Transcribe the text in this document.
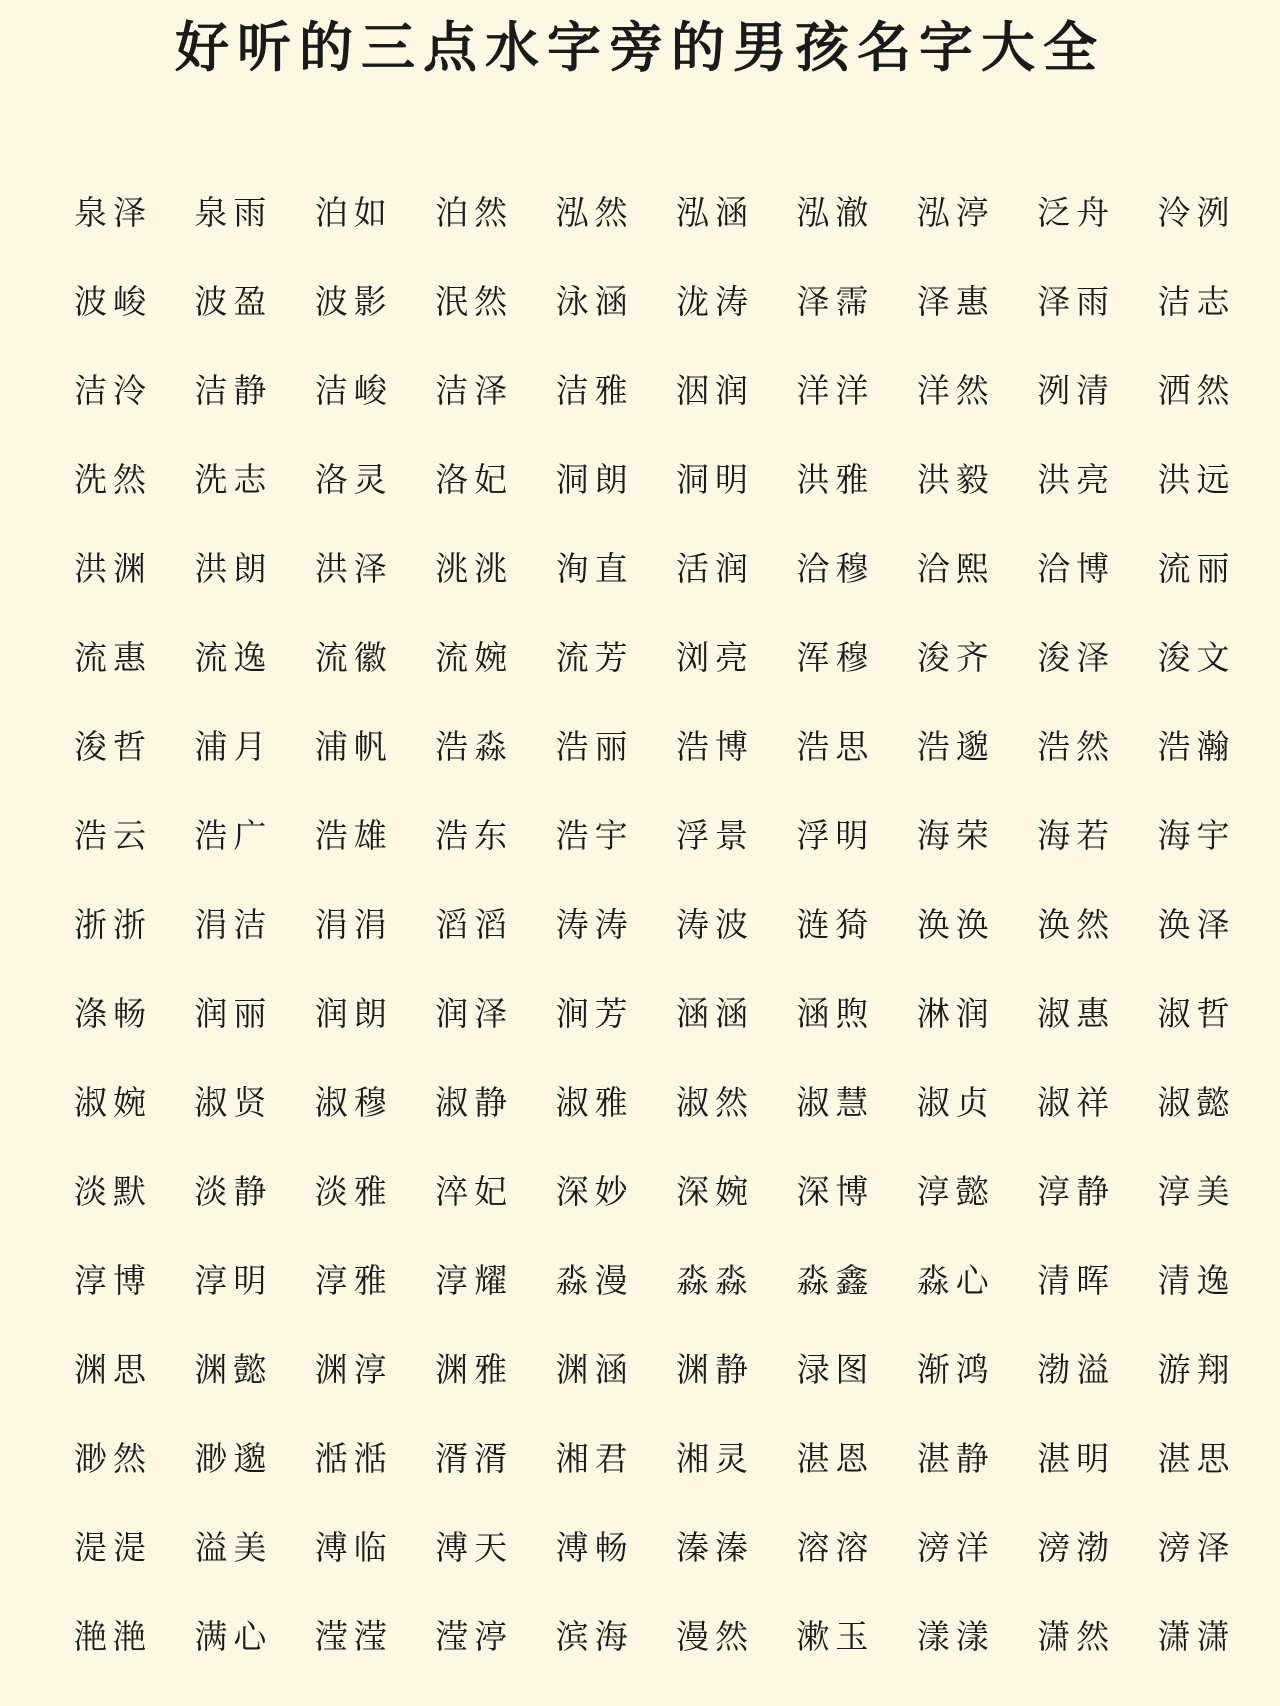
好听的三点水字旁的男孩名字大全
泉泽	泉雨	泊如	泊然	泓然	泓涵	泓澈	泓渟	泛舟	泠洌
波峻	波盈	波影	泯然	泳涵	泷涛	泽霈	泽惠	泽雨	洁志
洁泠	洁静	洁峻	洁泽	洁雅	洇润	洋洋	洋然	洌清	洒然
洗然	洗志	洛灵	洛妃	洞朗	洞明	洪雅	洪毅	洪亮	洪远
洪渊	洪朗	洪泽	洮洮	洵直	活润	洽穆	洽熙	洽博	流丽
流惠	流逸	流徽	流婉	流芳	浏亮	浑穆	浚齐	浚泽	浚文
浚哲	浦月	浦帆	浩淼	浩丽	浩博	浩思	浩邈	浩然	浩瀚
浩云	浩广	浩雄	浩东	浩宇	浮景	浮明	海荣	海若	海宇
浙浙	涓洁	涓涓	滔滔	涛涛	涛波	涟猗	涣涣	涣然	涣泽
涤畅	润丽	润朗	润泽	涧芳	涵涵	涵煦	淋润	淑惠	淑哲
淑婉	淑贤	淑穆	淑静	淑雅	淑然	淑慧	淑贞	淑祥	淑懿
淡默	淡静	淡雅	淬妃	深妙	深婉	深博	淳懿	淳静	淳美
淳博	淳明	淳雅	淳耀	淼漫	淼淼	淼鑫	淼心	清晖	清逸
渊思	渊懿	渊淳	渊雅	渊涵	渊静	渌图	渐鸿	渤溢	游翔
渺然	渺邈	湉湉	湑湑	湘君	湘灵	湛恩	湛静	湛明	湛思
湜湜	溢美	溥临	溥天	溥畅	溱溱	溶溶	滂洋	滂渤	滂泽
滟滟	满心	滢滢	滢渟	滨海	漫然	漱玉	漾漾	潇然	潇潇
